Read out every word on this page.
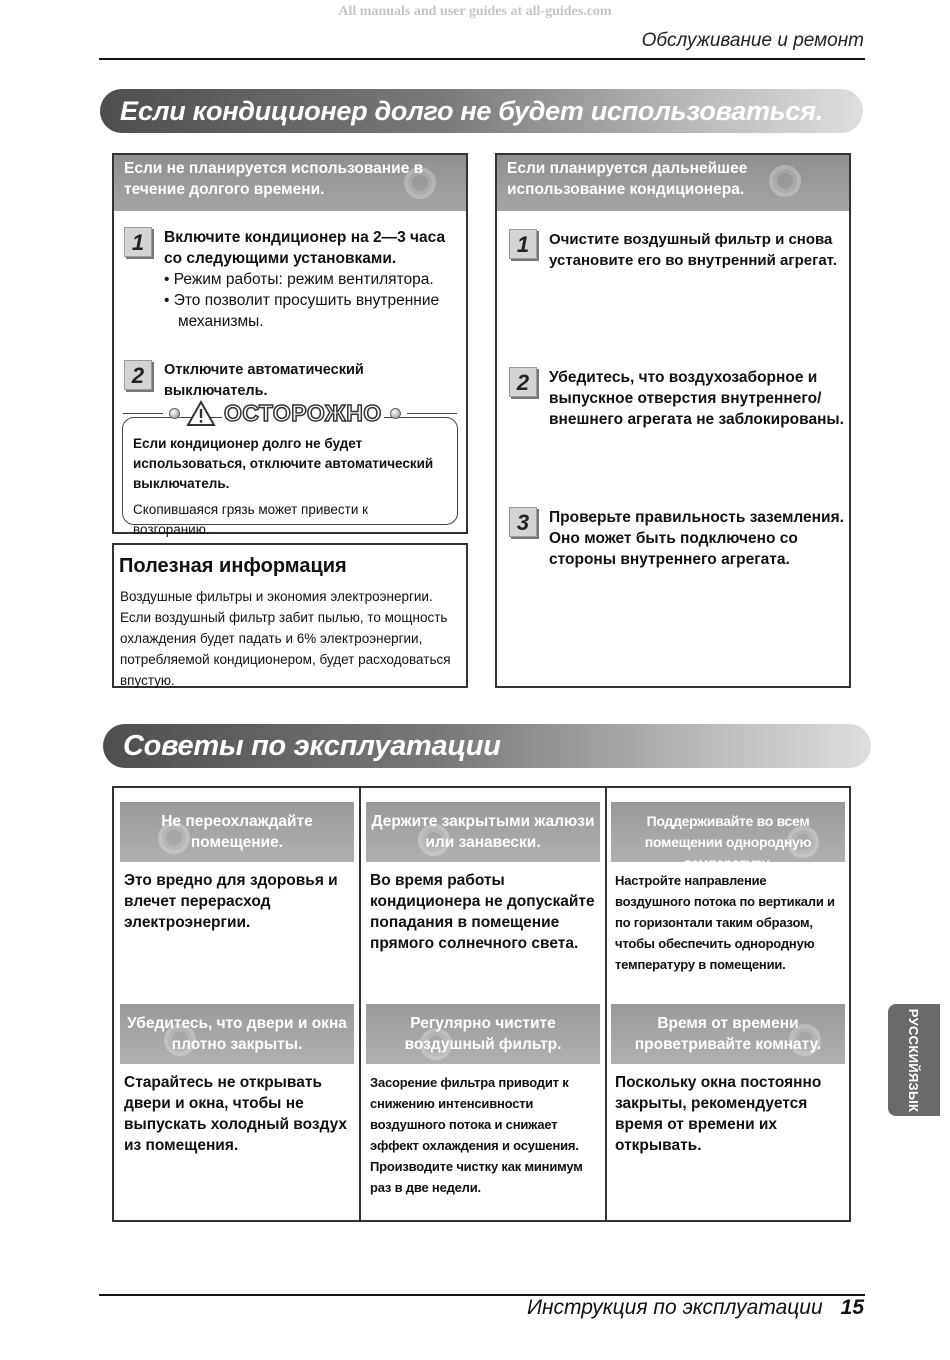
All manuals and user guides at all-guides.com
Обслуживание и ремонт
Если кондиционер долго не будет использоваться.
Если не планируется использование в течение долгого времени.
1	Включите кондиционер на 2—3 часа со следующими установками.
• Режим работы: режим вентилятора.
• Это позволит просушить внутренние механизмы.
2	Отключите автоматический выключатель.
ОСТОРОЖНО
Если кондиционер долго не будет использоваться, отключите автоматический выключатель.
Скопившаяся грязь может привести к возгоранию.
Полезная информация
Воздушные фильтры и экономия электроэнергии. Если воздушный фильтр забит пылью, то мощность охлаждения будет падать и 6% электроэнергии, потребляемой кондиционером, будет расходоваться впустую.
Если планируется дальнейшее использование кондиционера.
1	Очистите воздушный фильтр и снова установите его во внутренний агрегат.
2	Убедитесь, что воздухозаборное и выпускное отверстия внутреннего/внешнего агрегата не заблокированы.
3	Проверьте правильность заземления. Оно может быть подключено со стороны внутреннего агрегата.
Советы по эксплуатации
Не переохлаждайте помещение.
Это вредно для здоровья и влечет перерасход электроэнергии.
Держите закрытыми жалюзи или занавески.
Во время работы кондиционера не допускайте попадания в помещение прямого солнечного света.
Поддерживайте во всем помещении однородную температуру.
Настройте направление воздушного потока по вертикали и по горизонтали таким образом, чтобы обеспечить однородную температуру в помещении.
Убедитесь, что двери и окна плотно закрыты.
Старайтесь не открывать двери и окна, чтобы не выпускать холодный воздух из помещения.
Регулярно чистите воздушный фильтр.
Засорение фильтра приводит к снижению интенсивности воздушного потока и снижает эффект охлаждения и осушения. Производите чистку как минимум раз в две недели.
Время от времени проветривайте комнату.
Поскольку окна постоянно закрыты, рекомендуется время от времени их открывать.
РУССКИЙЯЗЫК
Инструкция по эксплуатации 15
